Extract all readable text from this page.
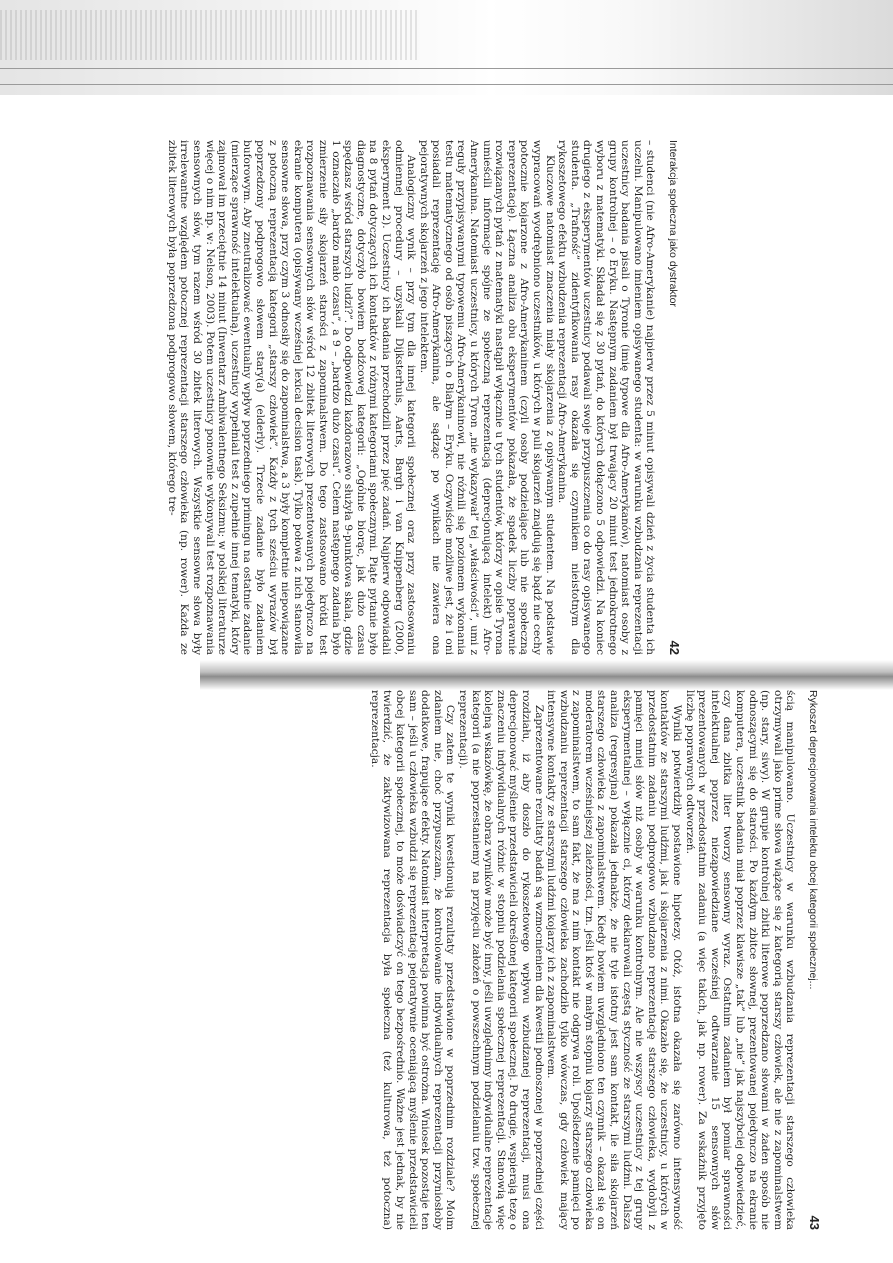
Interakcja społeczna jako dystraktor
42

– studenci (nie Afro-Amerykanie) najpierw przez 5 minut opisywali dzień z życia studenta ich uczelni. Manipulowano imieniem opisywanego studenta: w warunku wzbudzania reprezentacji uczestnicy badania pisali o Tyronie (imię typowe dla Afro-Amerykanów), natomiast osoby z grupy kontrolnej – o Eryku. Następnym zadaniem był trwający 20 minut test jednokrotnego wyboru z matematyki. Składał się z 30 pytań, do których dołączono 5 odpowiedzi. Na koniec drugiego z eksperymentów uczestnicy podawali swoje przypuszczenia co do rasy opisywanego studenta. „Trafność” zidentyfikowania rasy okazała się czynnikiem nieistotnym dla rykoszetowego efektu wzbudzenia reprezentacji Afro-Amerykanina.

Kluczowe natomiast znaczenia miały skojarzenia z opisywanym studentem. Na podstawie wypracowań wyodrębniono uczestników, u których w puli skojarzeń znajdują się bądź nie cechy potocznie kojarzone z Afro-Amerykaninem (czyli osoby podzielające lub nie społeczną reprezentację). Łączna analiza obu eksperymentów pokazała, że spadek liczby poprawnie rozwiązanych pytań z matematyki nastąpił wyłącznie u tych studentów, którzy w opisie Tyrona umieścili informacje spójne ze społeczną reprezentacją (deprecjonującą intelekt) Afro-Amerykanina. Natomiast uczestnicy, u których Tyron „nie wykazywał” tej „właściwości”, umi z reguły przypisywanymi typowemu Afro-Amerykaninowi, nie różnili się poziomem wykonania testu matematycznego od osób piszących o Białym – Eryku. Oczywiście możliwe jest, że i oni posiadali reprezentację Afro-Amerykanina, ale sądząc po wynikach nie zawiera ona pejoratywnych skojarzeń z jego intelektem.

Analogiczny wynik – przy tym dla innej kategorii społecznej oraz przy zastosowaniu odmiennej procedury – uzyskali Dijksterhuis, Aarts, Bargh i van Knippenberg (2000, eksperyment 2). Uczestnicy ich badania przechodzili przez pięć zadań. Najpierw odpowiadali na 8 pytań dotyczących ich kontaktów z różnymi kategoriami społecznymi. Piąte pytanie było diagnostyczne, dotyczyło bowiem bodźcowej kategorii: „Ogólnie biorąc, jak dużo czasu spędzasz wśród starszych ludzi?”. Do odpowiedzi każdorazowo służyła 9-punktowa skala, gdzie 1 oznaczało „bardzo mało czasu”, a 9 – „bardzo dużo czasu”. Celem następnego zadania było zmierzenie siły skojarzeń starości z zapominalstwem. Do tego zastosowano krótki test rozpoznawania sensownych słów wśród 12 zbitek literowych prezentowanych pojedynczo na ekranie komputera (opisywany wcześniej lexical decision task). Tylko połowa z nich stanowiła sensowne słowa, przy czym 3 odnosiły się do zapominalstwa, a 3 były kompletnie niepowiązane z potoczną reprezentacją kategorii „starszy człowiek”. Każdy z tych sześciu wyrazów był poprzedzony podprogowo słowem stary(a) (elderly). Trzecie zadanie było zadaniem buforowym. Aby zneutralizować ewentualny wpływ poprzedniego primingu na ostatnie zadanie (mierzące sprawność intelektualną), uczestnicy wypełniali test z zupełnie innej tematyki, który zajmował im przeciętnie 14 minut (Inwentarz Ambiwalentnego Seksizmu; w polskiej literaturze więcej o nim np. w: Nelson, 2003). Potem uczestnicy ponownie wykonywali test rozpoznawania sensownych słów, tym razem wśród 30 zbitek literowych. Wszystkie sensowne słowa były irrelewantne względem potocznej reprezentacji starszego człowieka (np. rower). Każda ze zbitek literowych była poprzedzona podprogowo słowem, którego tre-

Rykoszet deprecjonowania intelektu obcej kategorii społecznej...
43

ścią manipulowano. Uczestnicy w warunku wzbudzania reprezentacji starszego człowieka otrzymywali jako prime słowa wiążące się z kategorią starszy człowiek, ale nie z zapominalstwem (np. stary, siwy). W grupie kontrolnej zbitki literowe poprzedzano słowami w żaden sposób nie odnoszącymi się do starości. Po każdym zbitce słownej, prezentowanej pojedynczo na ekranie komputera, uczestnik badania miał poprzez klawisze „tak” lub „nie” jak najszybciej odpowiedzieć, czy dana zbitka liter tworzy sensowny wyraz. Ostatnim zadaniem był pomiar sprawności intelektualnej poprzez nieząpowiedziane wcześniej odtwarzanie 15 sensownych słów prezentowanych w przedostatnim zadaniu (a więc takich, jak np. rower). Za wskaźnik przyjęto liczbę poprawnych odtworzeń.

Wyniki potwierdziły postawione hipotezy. Otóż, istotna okazała się zarówno intensywność kontaktów ze starszymi ludźmi, jak i skojarzenia z nimi. Okazało się, że uczestnicy, u których w przedostatnim zadaniu podprogowo wzbudzano reprezentację starszego człowieka, wydobyli z pamięci mniej słów niż osoby w warunku kontrolnym. Ale nie wszyscy uczestnicy z tej grupy eksperymentalnej – wyłącznie ci, którzy deklarowali częstą styczność ze starszymi ludźmi. Dalsza analiza (regresyjna) pokazała jednakże, że nie tyle istotny jest sam kontakt, ile siła skojarzeń starszego człowieka z zapominalstwem. Kiedy bowiem uwzględniono ten czynnik – okazał się on moderatorem wcześniejszej zależności, tzn. jeśli ktoś w małym stopniu kojarzy starszego człowieka z zapominalstwem, to sam fakt, że ma z nim kontakt nie odgrywa roli. Upośledzenie pamięci po wzbudzaniu reprezentacji starszego człowieka zachodziło tylko wówczas, gdy człowiek mający intensywne kontakty ze starszymi ludźmi kojarzy ich z zapominalstwem.

Zaprezentowane rezultaty badań są wzmocnieniem dla kwestii podnoszonej w poprzedniej części rozdziału, iż aby doszło do rykoszetowego wpływu wzbudzanej reprezentacji, musi ona deprecjonować myślenie przedstawicieli określonej kategorii społecznej. Po drugie, wspierają tezę o znaczeniu indywidualnych różnic w stopniu podzielania społecznej reprezentacji. Stanowią więc kolejną wskazówkę, że obraz wyników może być inny, jeśli uwzględnimy indywidualne reprezentacje kategorii (a nie poprzestaniemy na przyjęciu założeń o powszechnym podzielaniu tzw. społecznej reprezentacji).

Czy zatem te wyniki kwestionują rezultaty przedstawione w poprzednim rozdziale? Moim zdaniem nie, choć przypuszczam, że kontrolowanie indywidualnych reprezentacji przyniosłoby dodatkowe, frapujące efekty. Natomiast interpretacja powinna być ostrożna. Wniosek pozostaje ten sam – jeśli u człowieka wzbudzi się reprezentację pejoratywnie oceniającą myślenie przedstawicieli obcej kategorii społecznej, to może doświadczyć on tego bezpośrednio. Ważne jest jednak, by nie twierdzić, że zaktywizowana reprezentacja była społeczna (też kulturowa, też potoczna) reprezentacja.
